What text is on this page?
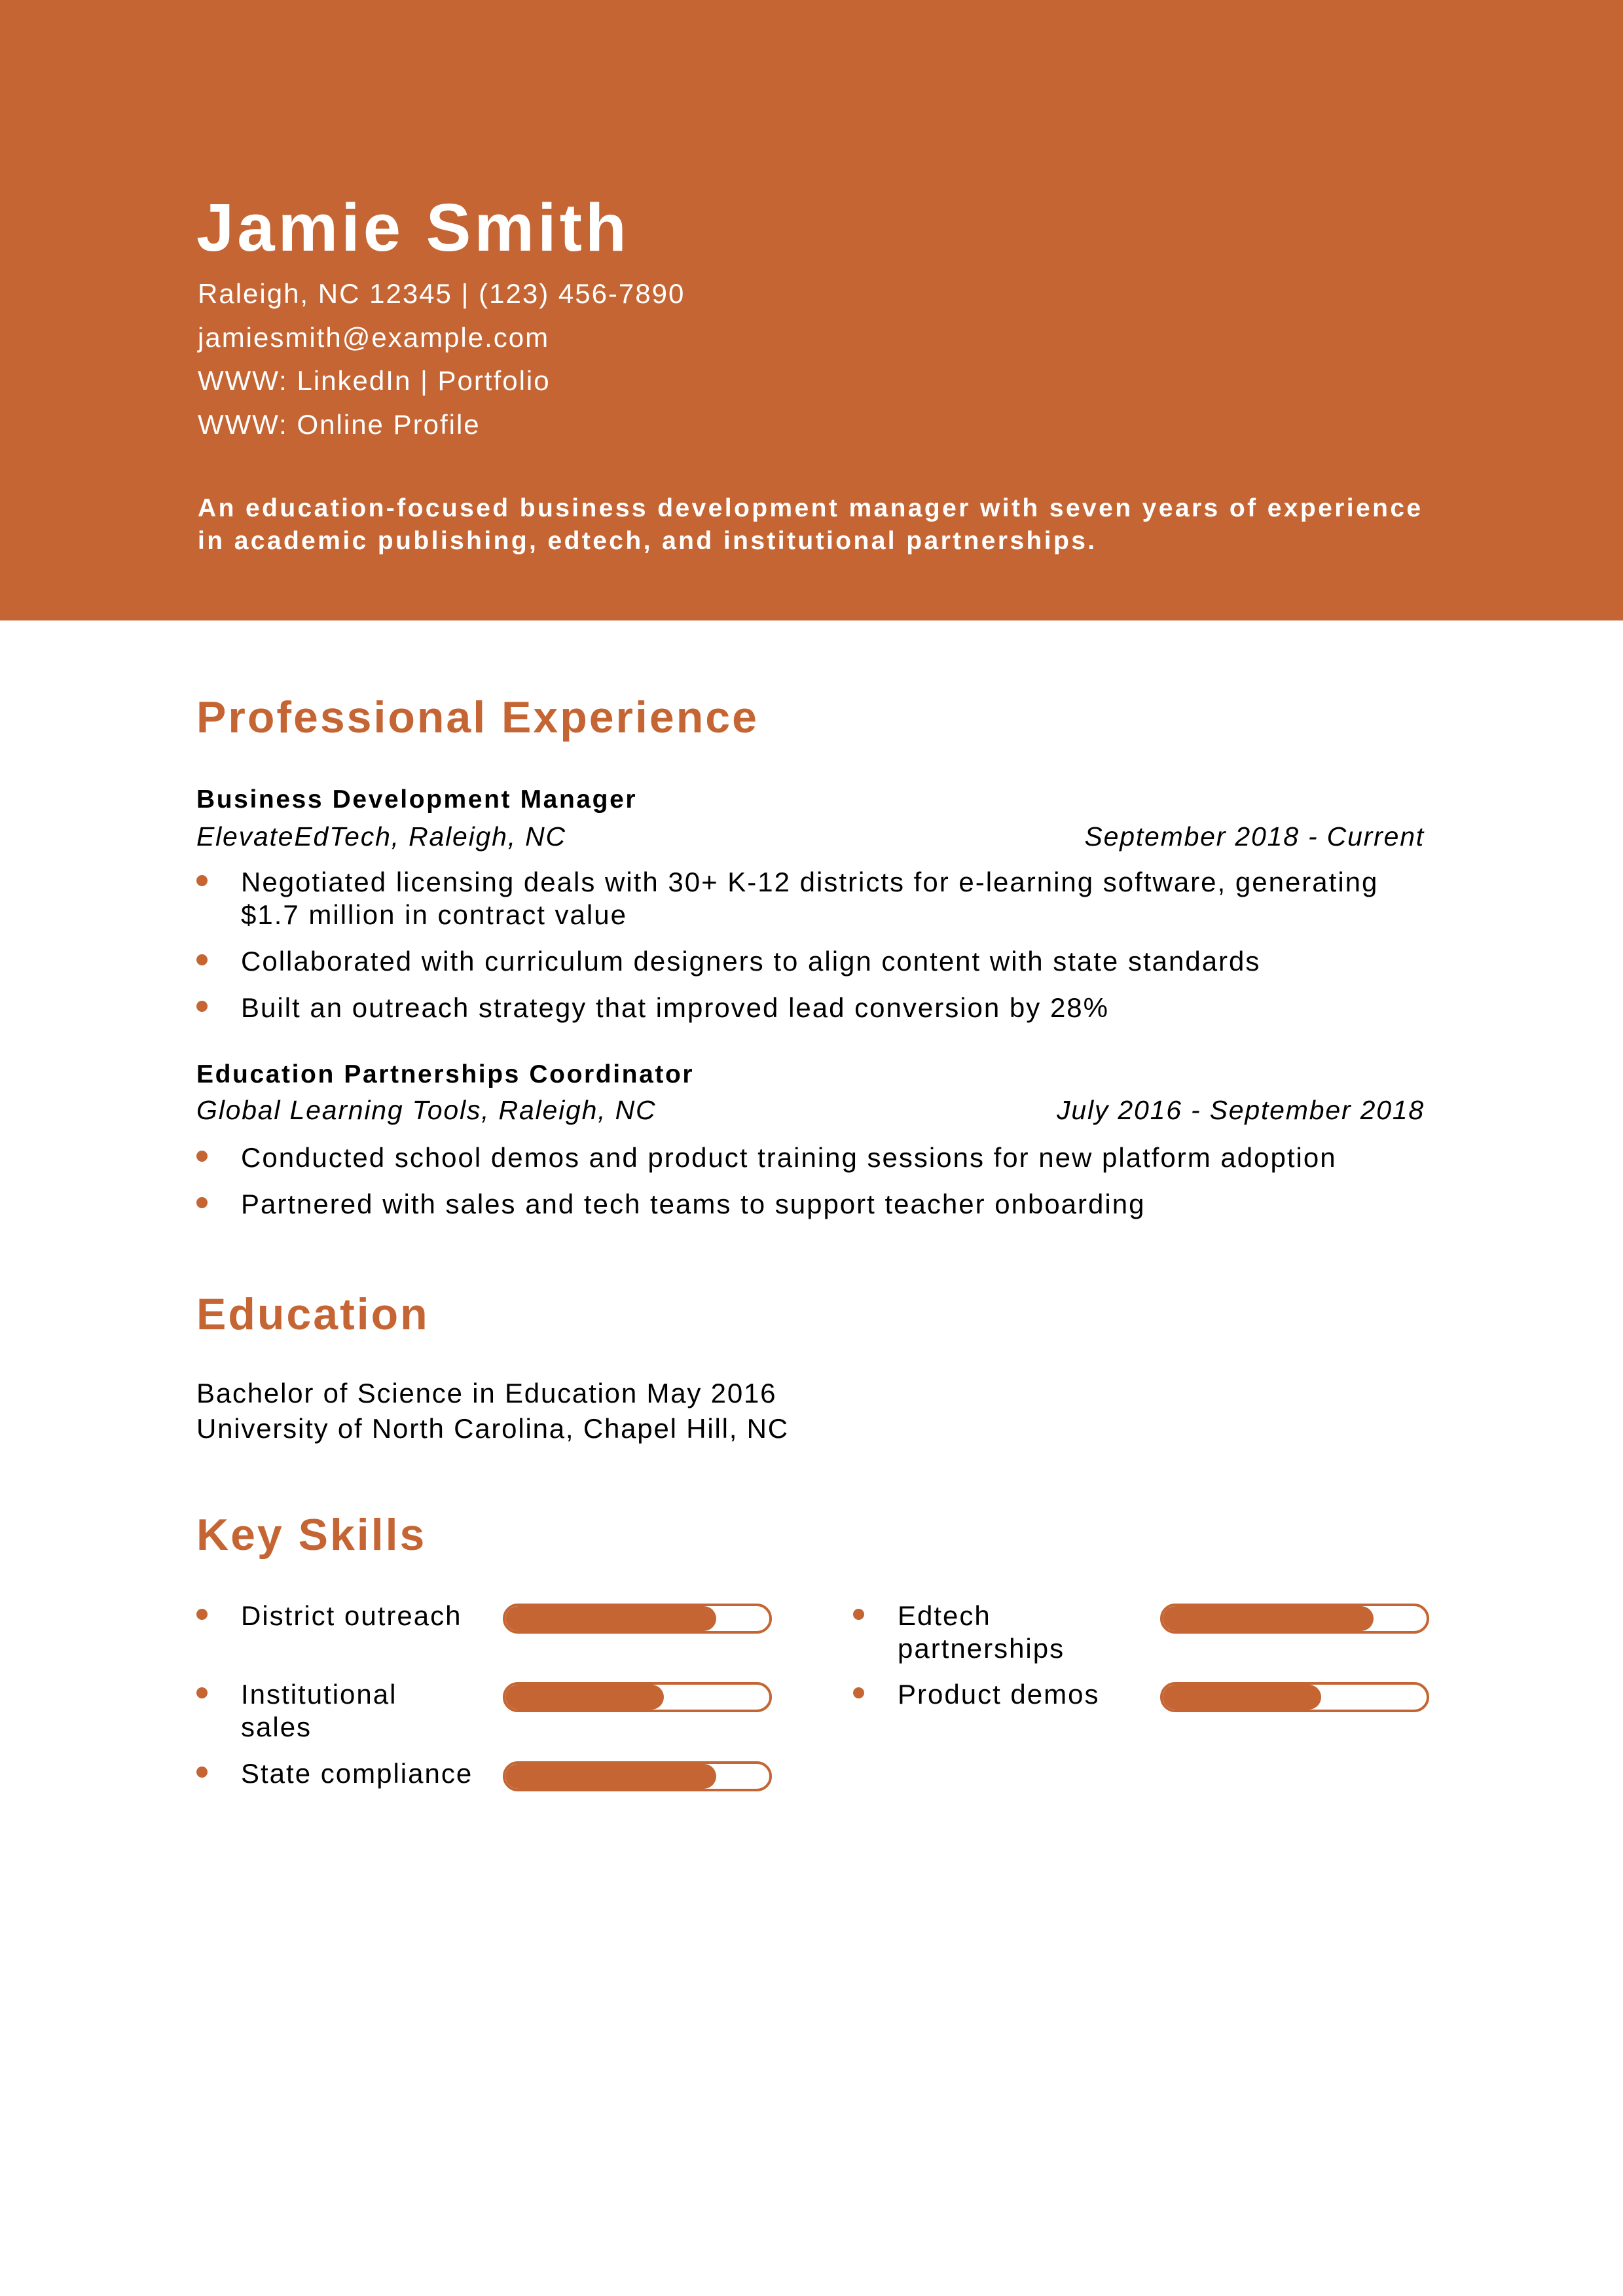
Jamie Smith
Raleigh, NC 12345 | (123) 456-7890
jamiesmith@example.com
WWW: LinkedIn | Portfolio
WWW: Online Profile
An education-focused business development manager with seven years of experience in academic publishing, edtech, and institutional partnerships.
Professional Experience
Business Development Manager
ElevateEdTech, Raleigh, NC	September 2018 - Current
Negotiated licensing deals with 30+ K-12 districts for e-learning software, generating $1.7 million in contract value
Collaborated with curriculum designers to align content with state standards
Built an outreach strategy that improved lead conversion by 28%
Education Partnerships Coordinator
Global Learning Tools, Raleigh, NC	July 2016 - September 2018
Conducted school demos and product training sessions for new platform adoption
Partnered with sales and tech teams to support teacher onboarding
Education
Bachelor of Science in Education May 2016
University of North Carolina, Chapel Hill, NC
Key Skills
District outreach
Institutional sales
State compliance
Edtech partnerships
Product demos
